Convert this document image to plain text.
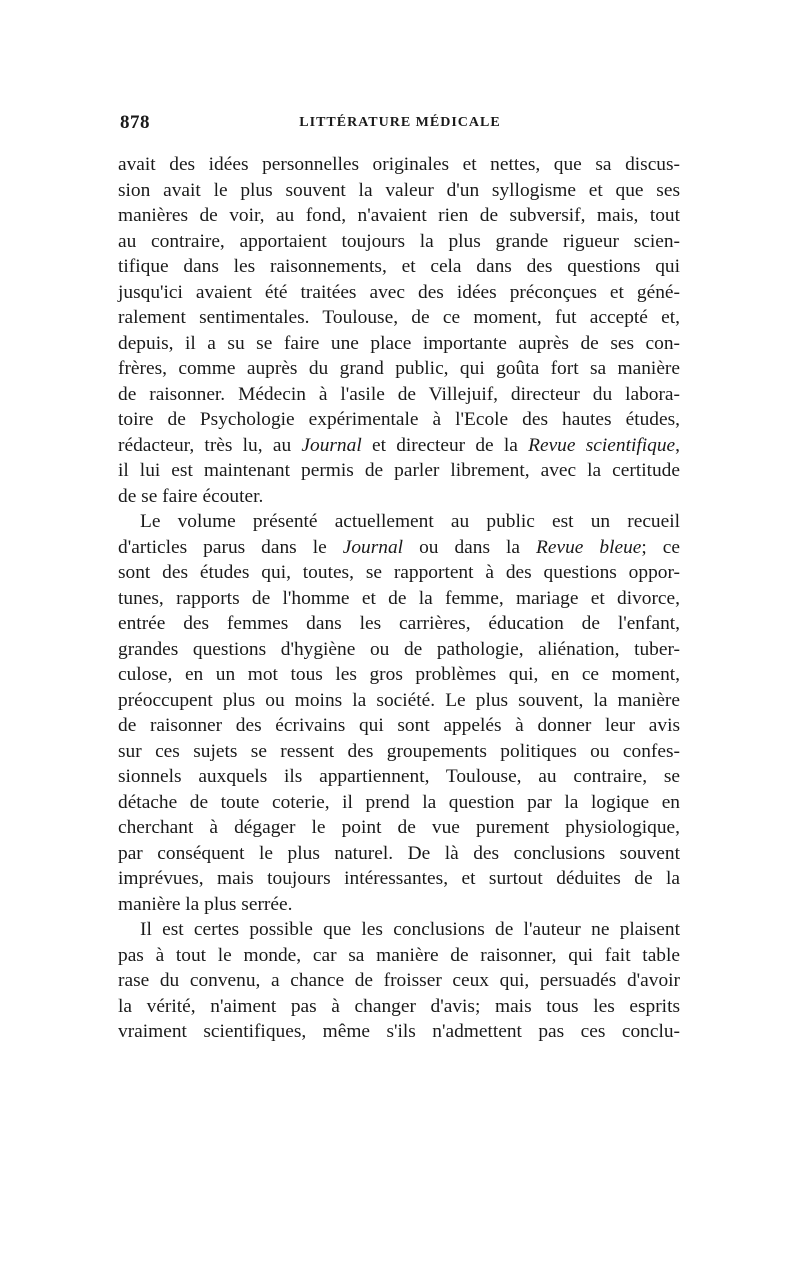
878	LITTÉRATURE MÉDICALE

avait des idées personnelles originales et nettes, que sa discus-
sion avait le plus souvent la valeur d'un syllogisme et que ses
manières de voir, au fond, n'avaient rien de subversif, mais, tout
au contraire, apportaient toujours la plus grande rigueur scien-
tifique dans les raisonnements, et cela dans des questions qui
jusqu'ici avaient été traitées avec des idées préconçues et géné-
ralement sentimentales. Toulouse, de ce moment, fut accepté et,
depuis, il a su se faire une place importante auprès de ses con-
frères, comme auprès du grand public, qui goûta fort sa manière
de raisonner. Médecin à l'asile de Villejuif, directeur du labora-
toire de Psychologie expérimentale à l'Ecole des hautes études,
rédacteur, très lu, au Journal et directeur de la Revue scientifique,
il lui est maintenant permis de parler librement, avec la certitude
de se faire écouter.

Le volume présenté actuellement au public est un recueil
d'articles parus dans le Journal ou dans la Revue bleue; ce
sont des études qui, toutes, se rapportent à des questions oppor-
tunes, rapports de l'homme et de la femme, mariage et divorce,
entrée des femmes dans les carrières, éducation de l'enfant,
grandes questions d'hygiène ou de pathologie, aliénation, tuber-
culose, en un mot tous les gros problèmes qui, en ce moment,
préoccupent plus ou moins la société. Le plus souvent, la manière
de raisonner des écrivains qui sont appelés à donner leur avis
sur ces sujets se ressent des groupements politiques ou confes-
sionnels auxquels ils appartiennent, Toulouse, au contraire, se
détache de toute coterie, il prend la question par la logique en
cherchant à dégager le point de vue purement physiologique,
par conséquent le plus naturel. De là des conclusions souvent
imprévues, mais toujours intéressantes, et surtout déduites de la
manière la plus serrée.

Il est certes possible que les conclusions de l'auteur ne plaisent
pas à tout le monde, car sa manière de raisonner, qui fait table
rase du convenu, a chance de froisser ceux qui, persuadés d'avoir
la vérité, n'aiment pas à changer d'avis; mais tous les esprits
vraiment scientifiques, même s'ils n'admettent pas ces conclu-
